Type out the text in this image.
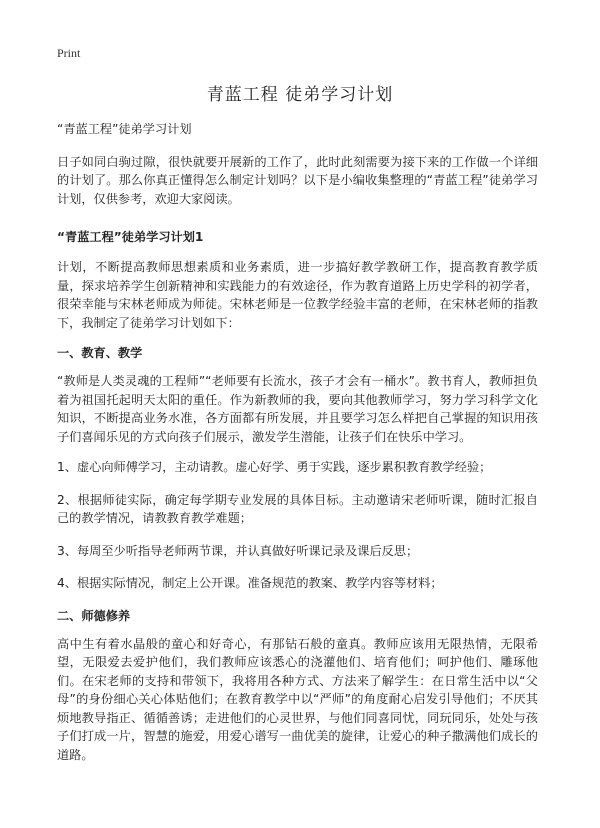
Print
青蓝工程 徒弟学习计划

“青蓝工程”徒弟学习计划

日子如同白驹过隙，很快就要开展新的工作了，此时此刻需要为接下来的工作做一个详细的计划了。那么你真正懂得怎么制定计划吗？以下是小编收集整理的“青蓝工程”徒弟学习计划，仅供参考，欢迎大家阅读。

“青蓝工程”徒弟学习计划1

计划，不断提高教师思想素质和业务素质，进一步搞好教学教研工作，提高教育教学质量，探求培养学生创新精神和实践能力的有效途径，作为教育道路上历史学科的初学者，很荣幸能与宋林老师成为师徒。宋林老师是一位教学经验丰富的老师，在宋林老师的指教下，我制定了徒弟学习计划如下：

一、教育、教学

“教师是人类灵魂的工程师”“老师要有长流水，孩子才会有一桶水”。教书育人，教师担负着为祖国托起明天太阳的重任。作为新教师的我，要向其他教师学习，努力学习科学文化知识，不断提高业务水准，各方面都有所发展，并且要学习怎么样把自己掌握的知识用孩子们喜闻乐见的方式向孩子们展示，激发学生潜能，让孩子们在快乐中学习。

1、虚心向师傅学习，主动请教。虚心好学、勇于实践，逐步累积教育教学经验；

2、根据师徒实际，确定每学期专业发展的具体目标。主动邀请宋老师听课，随时汇报自己的教学情况，请教教育教学难题；

3、每周至少听指导老师两节课，并认真做好听课记录及课后反思；

4、根据实际情况，制定上公开课。准备规范的教案、教学内容等材料；

二、师德修养

高中生有着水晶般的童心和好奇心，有那钻石般的童真。教师应该用无限热情，无限希望，无限爱去爱护他们，我们教师应该悉心的浇灌他们、培育他们；呵护他们、雕琢他们。在宋老师的支持和带领下，我将用各种方式、方法来了解学生：在日常生活中以“父母”的身份细心关心体贴他们；在教育教学中以“严师”的角度耐心启发引导他们；不厌其烦地教导指正、循循善诱；走进他们的心灵世界，与他们同喜同忧，同玩同乐，处处与孩子们打成一片，智慧的施爱，用爱心谱写一曲优美的旋律，让爱心的种子撒满他们成长的道路。
